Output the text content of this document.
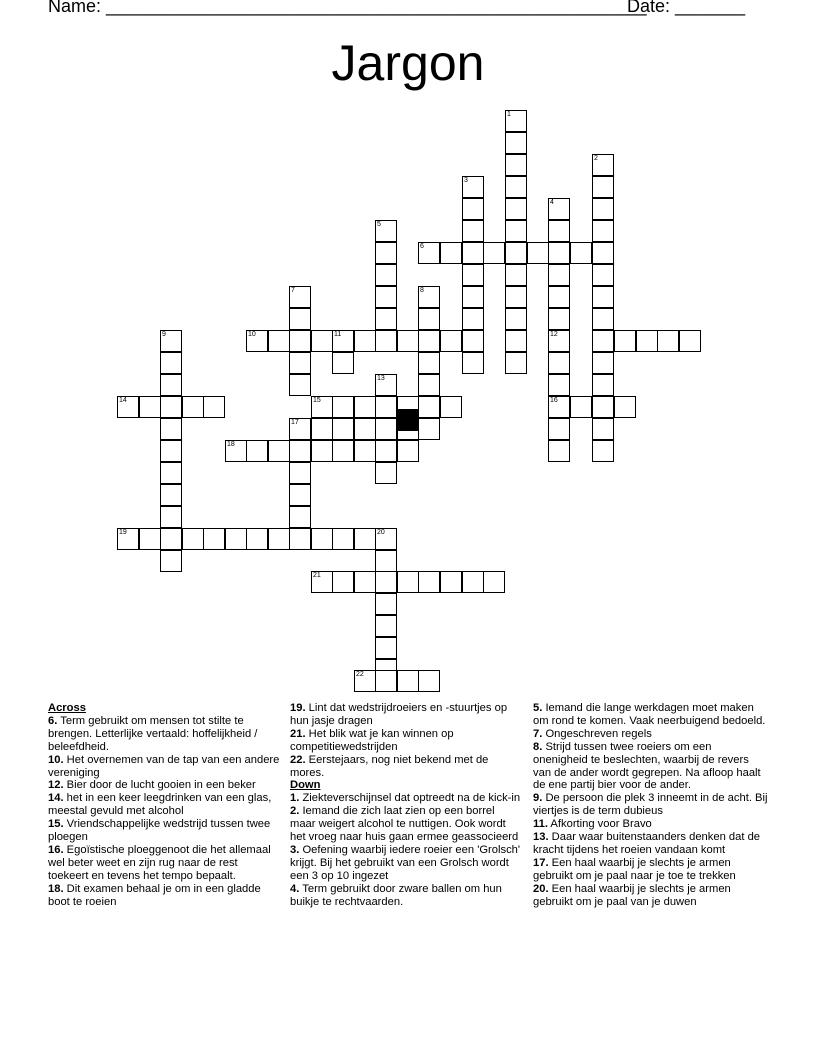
Name: ______________________________________________________
Date: _______
Jargon
1
2
3
4
12
16
5
6
7	8
9	10	11
13
14	15
17
18
19	20
21
22
Across
6. Term gebruikt om mensen tot stilte te brengen. Letterlijke vertaald: hoffelijkheid / beleefdheid.
10. Het overnemen van de tap van een andere vereniging
12. Bier door de lucht gooien in een beker
14. het in een keer leegdrinken van een glas, meestal gevuld met alcohol
15. Vriendschappelijke wedstrijd tussen twee ploegen
16. Egoïstische ploeggenoot die het allemaal wel beter weet en zijn rug naar de rest toekeert en tevens het tempo bepaalt.
18. Dit examen behaal je om in een gladde boot te roeien
19. Lint dat wedstrijdroeiers en -stuurtjes op hun jasje dragen
21. Het blik wat je kan winnen op competitiewedstrijden
22. Eerstejaars, nog niet bekend met de mores.
Down
1. Ziekteverschijnsel dat optreedt na de kick-in
2. Iemand die zich laat zien op een borrel maar weigert alcohol te nuttigen. Ook wordt het vroeg naar huis gaan ermee geassocieerd
3. Oefening waarbij iedere roeier een 'Grolsch' krijgt. Bij het gebruikt van een Grolsch wordt een 3 op 10 ingezet
4. Term gebruikt door zware ballen om hun buikje te rechtvaarden.
5. Iemand die lange werkdagen moet maken om rond te komen. Vaak neerbuigend bedoeld.
7. Ongeschreven regels
8. Strijd tussen twee roeiers om een onenigheid te beslechten, waarbij de revers van de ander wordt gegrepen. Na afloop haalt de ene partij bier voor de ander.
9. De persoon die plek 3 inneemt in de acht. Bij viertjes is de term dubieus
11. Afkorting voor Bravo
13. Daar waar buitenstaanders denken dat de kracht tijdens het roeien vandaan komt
17. Een haal waarbij je slechts je armen gebruikt om je paal naar je toe te trekken
20. Een haal waarbij je slechts je armen gebruikt om je paal van je duwen
